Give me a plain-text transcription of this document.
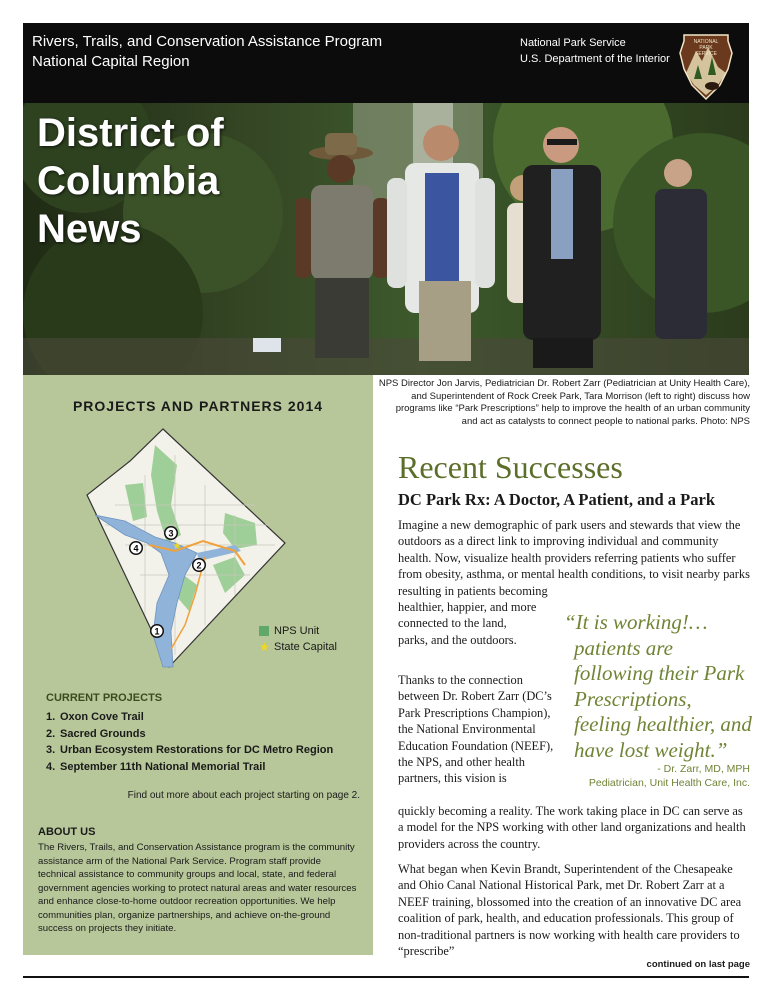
Rivers, Trails, and Conservation Assistance Program
National Capital Region
National Park Service
U.S. Department of the Interior
NATIONAL
PARK
SERVICE
District of
Columbia
News
PROJECTS AND PARTNERS 2014
★
1
2
3
4
NPS Unit
★ State Capital
CURRENT PROJECTS
1. Oxon Cove Trail
2. Sacred Grounds
3. Urban Ecosystem Restorations for DC Metro Region
4. September 11th National Memorial Trail
Find out more about each project starting on page 2.
ABOUT US
The Rivers, Trails, and Conservation Assistance program is the community assistance arm of the National Park Service. Program staff provide technical assistance to community groups and local, state, and federal government agencies working to protect natural areas and water resources and enhance close-to-home outdoor recreation opportunities. We help communities plan, organize partnerships, and achieve on-the-ground success on projects they initiate.
NPS Director Jon Jarvis, Pediatrician Dr. Robert Zarr (Pediatrician at Unity Health Care), and Superintendent of Rock Creek Park, Tara Morrison (left to right) discuss how programs like “Park Prescriptions” help to improve the health of an urban community and act as catalysts to connect people to national parks. Photo: NPS
Recent Successes
DC Park Rx: A Doctor, A Patient, and a Park
Imagine a new demographic of park users and stewards that view the outdoors as a direct link to improving individual and community health. Now, visualize health providers referring patients who suffer from obesity, asthma, or mental health conditions, to visit nearby parks resulting in patients becoming
healthier, happier, and more connected to the land, parks, and the outdoors.
Thanks to the connection between Dr. Robert Zarr (DC’s Park Prescriptions Champion), the National Environmental Education Foundation (NEEF), the NPS, and other health partners, this vision is
quickly becoming a reality. The work taking place in DC can serve as a model for the NPS working with other land organizations and health providers across the country.
What began when Kevin Brandt, Superintendent of the Chesapeake and Ohio Canal National Historical Park, met Dr. Robert Zarr at a NEEF training, blossomed into the creation of an innovative DC area coalition of park, health, and education professionals. This group of non-traditional partners is now working with health care providers to “prescribe”
“It is working!… patients are following their Park Prescriptions, feeling healthier, and have lost weight.”
- Dr. Zarr, MD, MPH
Pediatrician, Unit Health Care, Inc.
continued on last page
